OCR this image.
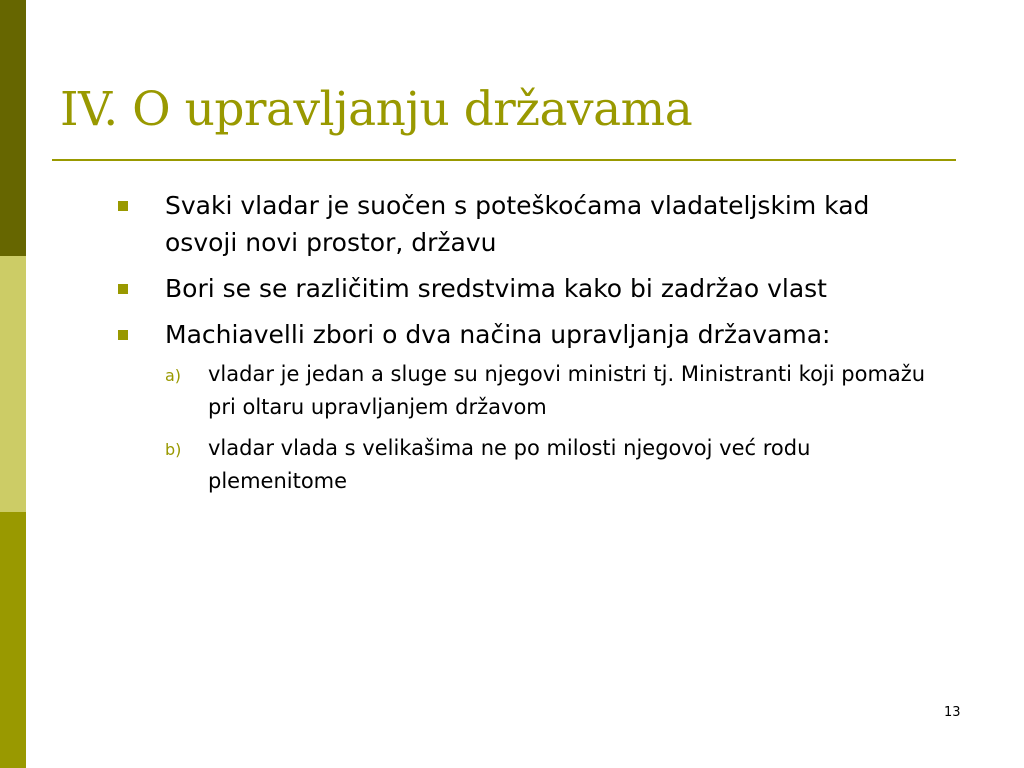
IV. O upravljanju državama
Svaki vladar je suočen s poteškoćama vladateljskim kad osvoji novi prostor, državu
Bori se se različitim sredstvima kako bi zadržao vlast
Machiavelli zbori o dva načina upravljanja državama:
a) vladar je jedan a sluge su njegovi ministri tj. Ministranti koji pomažu pri oltaru upravljanjem državom
b) vladar vlada s velikašima ne po milosti njegovoj već rodu plemenitome
13
